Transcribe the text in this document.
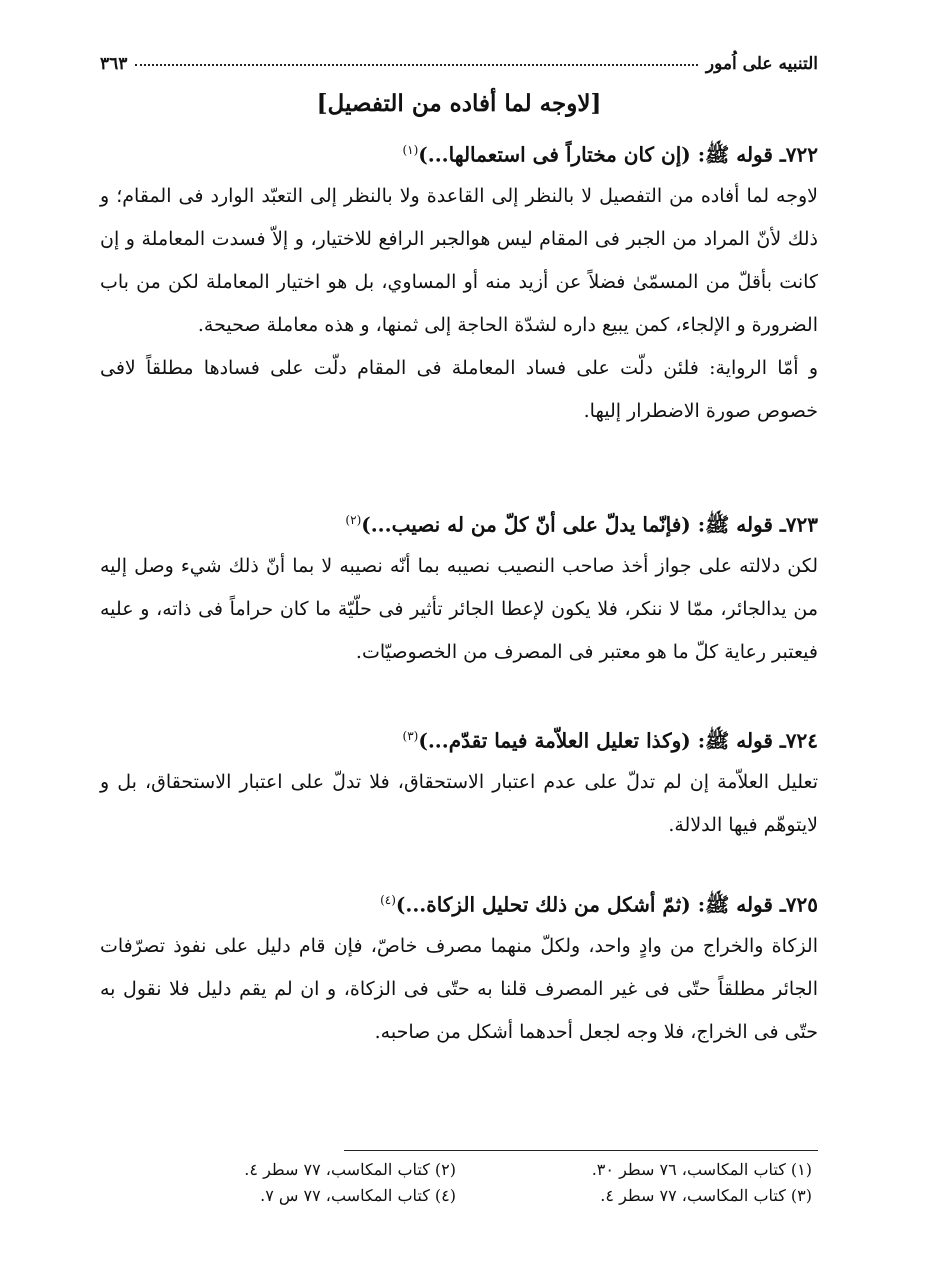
التنبيه على اُمور
٣٦٣
[لاوجه لما أفاده من التفصيل]
٧٢٢ـ قوله ﷺ: (إن كان مختاراً فى استعمالها...)$^{(١)}$

لاوجه لما أفاده من التفصيل لا بالنظر إلى القاعدة ولا بالنظر إلى التعبّد الوارد فى المقام؛ و ذلك لأنّ المراد من الجبر فى المقام ليس هوالجبر الرافع للاختيار، و إلاّ فسدت المعاملة و إن كانت بأقلّ من المسمّىٰ فضلاً عن أزيد منه أو المساوي، بل هو اختيار المعاملة لكن من باب الضرورة و الإلجاء، كمن يبيع داره لشدّة الحاجة إلى ثمنها، و هذه معاملة صحيحة.

و أمّا الرواية: فلئن دلّت على فساد المعاملة فى المقام دلّت على فسادها مطلقاً لافى خصوص صورة الاضطرار إليها.

٧٢٣ـ قوله ﷺ: (فإنّما يدلّ على أنّ كلّ من له نصيب...)$^{(٢)}$

لكن دلالته على جواز أخذ صاحب النصيب نصيبه بما أنّه نصيبه لا بما أنّ ذلك شيء وصل إليه من يدالجائر، ممّا لا ننكر، فلا يكون لإعطا الجائر تأثير فى حلّيّة ما كان حراماً فى ذاته، و عليه فيعتبر رعاية كلّ ما هو معتبر فى المصرف من الخصوصيّات.

٧٢٤ـ قوله ﷺ: (وكذا تعليل العلاّمة فيما تقدّم...)$^{(٣)}$

تعليل العلاّمة إن لم تدلّ على عدم اعتبار الاستحقاق، فلا تدلّ على اعتبار الاستحقاق، بل و لايتوهّم فيها الدلالة.

٧٢٥ـ قوله ﷺ: (ثمّ أشكل من ذلك تحليل الزكاة...)$^{(٤)}$

الزكاة والخراج من وادٍ واحد، ولكلّ منهما مصرف خاصّ، فإن قام دليل على نفوذ تصرّفات الجائر مطلقاً حتّى فى غير المصرف قلنا به حتّى فى الزكاة، و ان لم يقم دليل فلا نقول به حتّى فى الخراج، فلا وجه لجعل أحدهما أشكل من صاحبه.

(١) كتاب المكاسب، ٧٦ سطر ٣٠.
(٢) كتاب المكاسب، ٧٧ سطر ٤.
(٣) كتاب المكاسب، ٧٧ سطر ٤.
(٤) كتاب المكاسب، ٧٧ س ٧.
